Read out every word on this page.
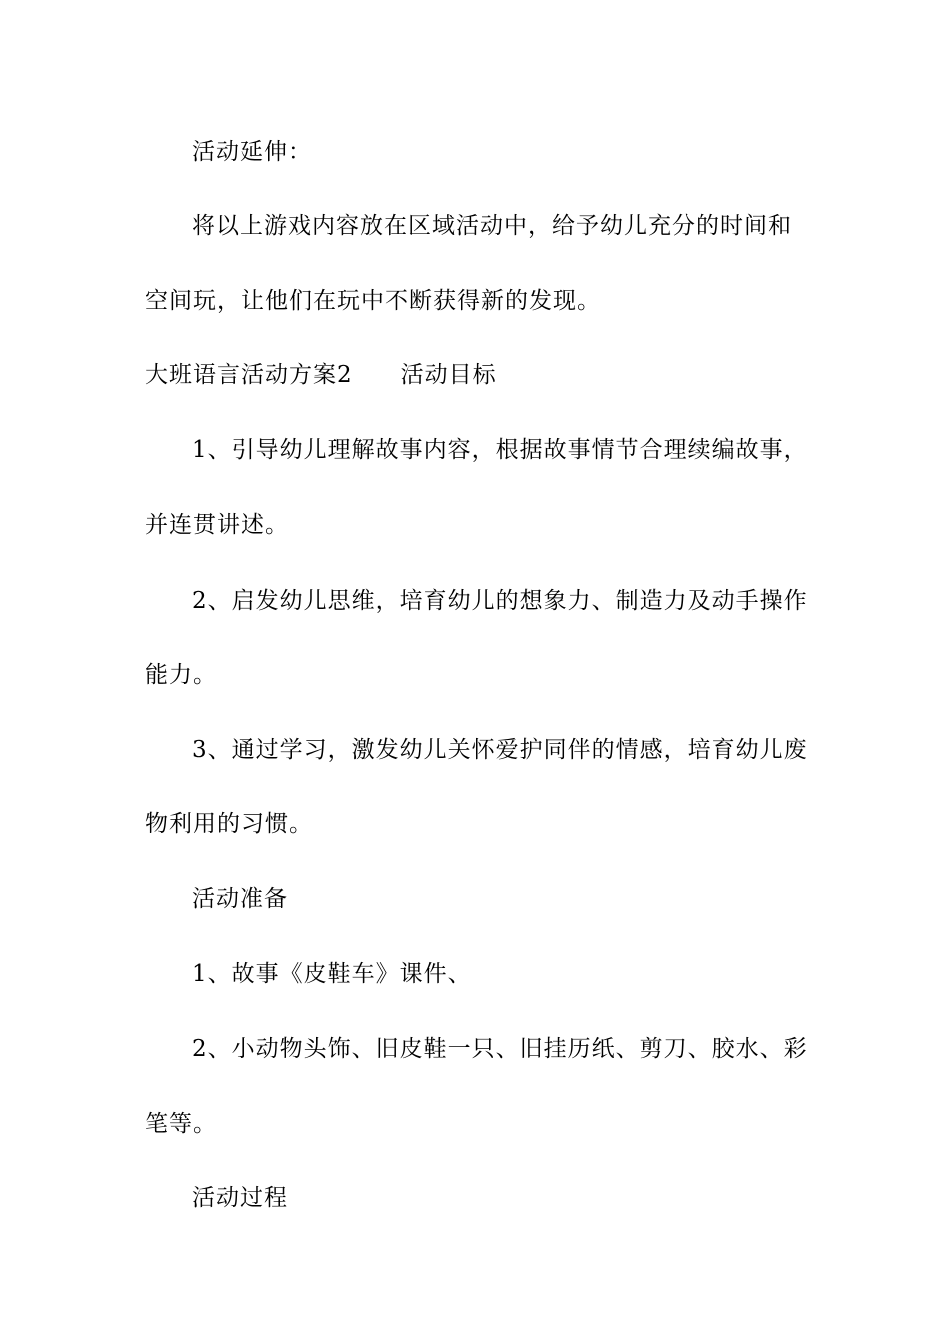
活动延伸：
将以上游戏内容放在区域活动中，给予幼儿充分的时间和
空间玩，让他们在玩中不断获得新的发现。
大班语言活动方案2 活动目标
1、引导幼儿理解故事内容，根据故事情节合理续编故事，
并连贯讲述。
2、启发幼儿思维，培育幼儿的想象力、制造力及动手操作
能力。
3、通过学习，激发幼儿关怀爱护同伴的情感，培育幼儿废
物利用的习惯。
活动准备
1、故事《皮鞋车》课件、
2、小动物头饰、旧皮鞋一只、旧挂历纸、剪刀、胶水、彩
笔等。
活动过程
